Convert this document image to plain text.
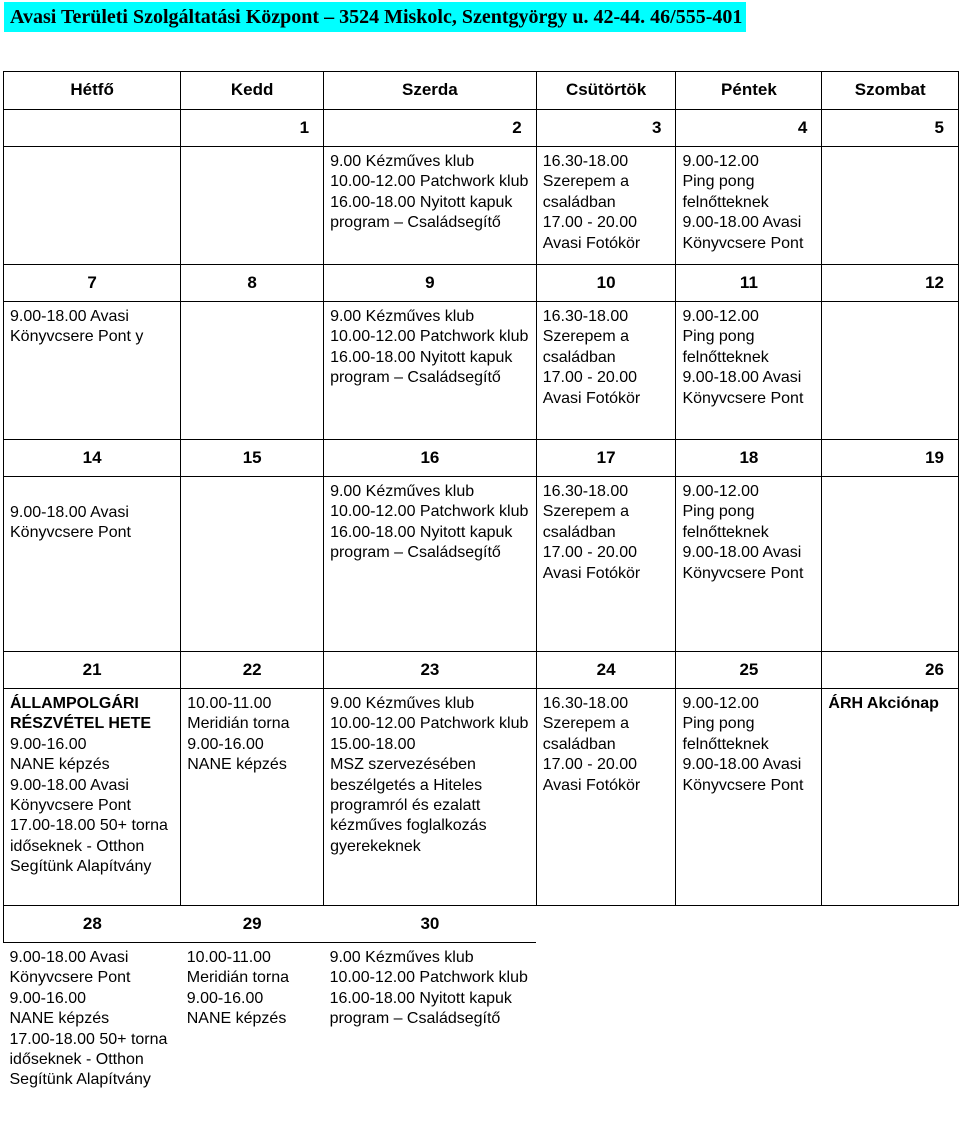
Avasi Területi Szolgáltatási Központ – 3524 Miskolc, Szentgyörgy u. 42-44. 46/555-401
Hétfő	Kedd	Szerda	Csütörtök	Péntek	Szombat
	1	2	3	4	5

		9.00 Kézműves klub
10.00-12.00 Patchwork klub
16.00-18.00 Nyitott kapuk program – Családsegítő	16.30-18.00
Szerepem a családban
17.00 - 20.00
Avasi Fotókör	9.00-12.00
Ping pong felnőtteknek
9.00-18.00 Avasi Könyvcsere Pont	

7	8	9	10	11	12

9.00-18.00 Avasi Könyvcsere Pont y		9.00 Kézműves klub
10.00-12.00 Patchwork klub
16.00-18.00 Nyitott kapuk program – Családsegítő	16.30-18.00
Szerepem a családban
17.00 - 20.00
Avasi Fotókör	9.00-12.00
Ping pong felnőtteknek
9.00-18.00 Avasi Könyvcsere Pont	

14	15	16	17	18	19

9.00-18.00 Avasi Könyvcsere Pont		9.00 Kézműves klub
10.00-12.00 Patchwork klub
16.00-18.00 Nyitott kapuk program – Családsegítő	16.30-18.00
Szerepem a családban
17.00 - 20.00
Avasi Fotókör	9.00-12.00
Ping pong felnőtteknek
9.00-18.00 Avasi Könyvcsere Pont	

21	22	23	24	25	26

ÁLLAMPOLGÁRI RÉSZVÉTEL HETE
9.00-16.00
NANE képzés
9.00-18.00 Avasi Könyvcsere Pont
17.00-18.00 50+ torna időseknek - Otthon Segítünk Alapítvány	10.00-11.00
Meridián torna
9.00-16.00
NANE képzés	9.00 Kézműves klub
10.00-12.00 Patchwork klub
15.00-18.00
MSZ szervezésében beszélgetés a Hiteles programról és ezalatt kézműves foglalkozás gyerekeknek	16.30-18.00
Szerepem a családban
17.00 - 20.00
Avasi Fotókör	9.00-12.00
Ping pong felnőtteknek
9.00-18.00 Avasi Könyvcsere Pont	ÁRH Akciónap

28	29	30			

9.00-18.00 Avasi Könyvcsere Pont
9.00-16.00
NANE képzés
17.00-18.00 50+ torna időseknek - Otthon Segítünk Alapítvány	10.00-11.00
Meridián torna
9.00-16.00
NANE képzés	9.00 Kézműves klub
10.00-12.00 Patchwork klub
16.00-18.00 Nyitott kapuk program – Családsegítő			
